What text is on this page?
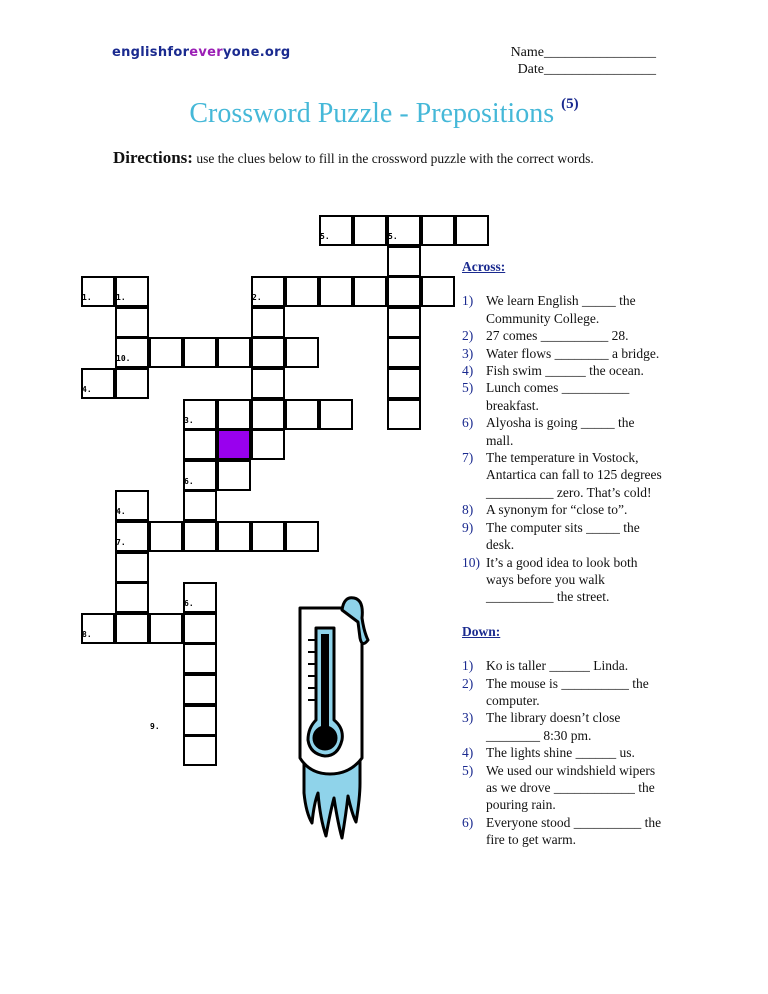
englishforeveryone.org	Name________________
Date________________
Crossword Puzzle - Prepositions $^{(5)}$
Directions: use the clues below to fill in the crossword puzzle with the correct words.
5.	5.
1.	1.	2.
10.
4.
3.
6.
4.
7.
6.
8.
9.
Across:
1) We learn English _____ the Community College.
2) 27 comes __________ 28.
3) Water flows ________ a bridge.
4) Fish swim ______ the ocean.
5) Lunch comes __________ breakfast.
6) Alyosha is going _____ the mall.
7) The temperature in Vostock, Antartica can fall to 125 degrees __________ zero. That’s cold!
8) A synonym for “close to”.
9) The computer sits _____ the desk.
10) It’s a good idea to look both ways before you walk __________ the street.
Down:
1) Ko is taller ______ Linda.
2) The mouse is __________ the computer.
3) The library doesn’t close ________ 8:30 pm.
4) The lights shine ______ us.
5) We used our windshield wipers as we drove ____________ the pouring rain.
6) Everyone stood __________ the fire to get warm.
